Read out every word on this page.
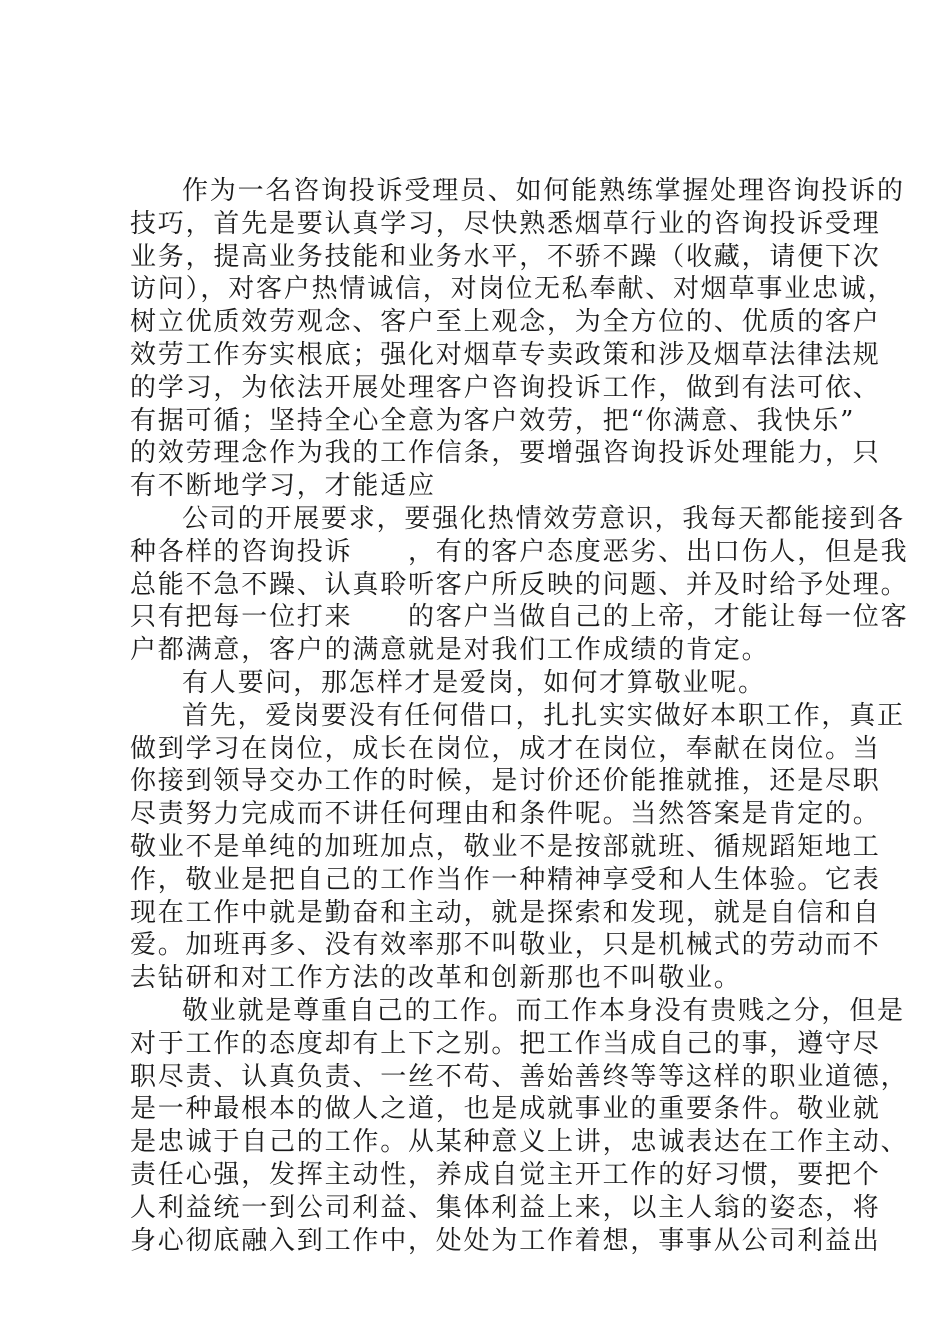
作为一名咨询投诉受理员、如何能熟练掌握处理咨询投诉的
技巧，首先是要认真学习，尽快熟悉烟草行业的咨询投诉受理
业务，提高业务技能和业务水平，不骄不躁（收藏，请便下次
访问），对客户热情诚信，对岗位无私奉献、对烟草事业忠诚，
树立优质效劳观念、客户至上观念，为全方位的、优质的客户
效劳工作夯实根底；强化对烟草专卖政策和涉及烟草法律法规
的学习，为依法开展处理客户咨询投诉工作，做到有法可依、
有据可循；坚持全心全意为客户效劳，把“你满意、我快乐”
的效劳理念作为我的工作信条，要增强咨询投诉处理能力，只
有不断地学习，才能适应
公司的开展要求，要强化热情效劳意识，我每天都能接到各
种各样的咨询投诉　　，有的客户态度恶劣、出口伤人，但是我
总能不急不躁、认真聆听客户所反映的问题、并及时给予处理。
只有把每一位打来　　的客户当做自己的上帝，才能让每一位客
户都满意，客户的满意就是对我们工作成绩的肯定。
有人要问，那怎样才是爱岗，如何才算敬业呢。
首先，爱岗要没有任何借口，扎扎实实做好本职工作，真正
做到学习在岗位，成长在岗位，成才在岗位，奉献在岗位。当
你接到领导交办工作的时候，是讨价还价能推就推，还是尽职
尽责努力完成而不讲任何理由和条件呢。当然答案是肯定的。
敬业不是单纯的加班加点，敬业不是按部就班、循规蹈矩地工
作，敬业是把自己的工作当作一种精神享受和人生体验。它表
现在工作中就是勤奋和主动，就是探索和发现，就是自信和自
爱。加班再多、没有效率那不叫敬业，只是机械式的劳动而不
去钻研和对工作方法的改革和创新那也不叫敬业。
敬业就是尊重自己的工作。而工作本身没有贵贱之分，但是
对于工作的态度却有上下之别。把工作当成自己的事，遵守尽
职尽责、认真负责、一丝不苟、善始善终等等这样的职业道德，
是一种最根本的做人之道，也是成就事业的重要条件。敬业就
是忠诚于自己的工作。从某种意义上讲，忠诚表达在工作主动、
责任心强，发挥主动性，养成自觉主开工作的好习惯，要把个
人利益统一到公司利益、集体利益上来，以主人翁的姿态，将
身心彻底融入到工作中，处处为工作着想，事事从公司利益出
